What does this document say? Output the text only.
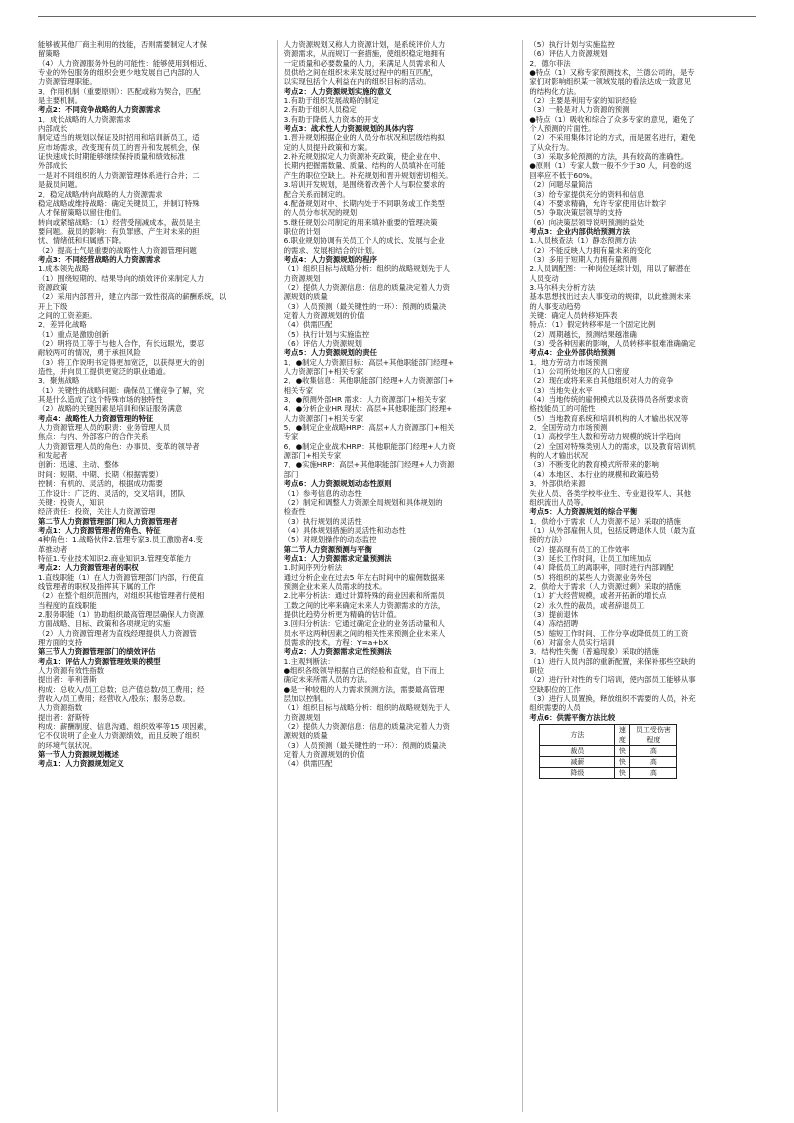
能够被其他厂商主利用的技能，否则需要制定人才保
留策略
（4）人力资源服务外包的可能性：能够使用到相近、
专业的外包服务的组织会更少地发展自己内部的人
力资源管理职能。
3．作用机制（重要原则）：匹配或称为契合，匹配
是主要机制。
考点2：不同竞争战略的人力资源需求
1．成长战略的人力资源需求
内部成长
制定适当的规划以保证及时招用和培训新员工，适
应市场需求，改变现有员工的晋升和发展机会，保
证快速成长时期能够继续保持质量和绩效标准
外部成长
一是对不同组织的人力资源管理体系进行合并；二
是裁员问题。
2．稳定战略/转向战略的人力资源需求
稳定战略或维持战略：确定关键员工，并制订特殊
人才保留策略以留住他们。
转向或紧缩战略：（1）经营受削减成本，裁员是主
要问题。裁员的影响：有负罪感、产生对未来的担
忧、情绪低和归属感下降。
（2）提高士气是重要的战略性人力资源管理问题
考点3：不同经营战略的人力资源需求
1.成本领先战略
（1）围绕短期的、结果导向的绩效评价来制定人力
资源政策
（2）采用内部晋升，建立内部一致性很高的薪酬系统，以
开上下级
之间的工资差距。
2．差异化战略
（1）重点是激励创新
（2）明将员工等于与他人合作，有长远眼光，要忍
耐较两可的情况，勇于承担风险
（3）将工作说明书定得更加宽泛，以获得更大的创
造性，并向员工提供更宽泛的职业通道。
3．聚焦战略
（1）关键性的战略问题：确保员工懂竞争了解，究
其是什么造成了这个特殊市场的独特性
（2）战略的关键因素是培训和保证服务满意
考点4：战略性人力资源管理的特征
人力资源管理人员的职责：业务管理人员
焦点：与内、外部客户的合作关系
人力资源管理人员的角色：办事员、变革的领导者
和发起者
创新：迅速、主动、整体
时间：短期、中期、长期（根据需要）
控制：有机的、灵活的，根据成功需要
工作设计：广泛的、灵活的，交叉培训，团队
关键：投资人，知识
经济责任：投资，关注人力资源管理
第二节人力资源管理部门和人力资源管理者
考点1：人力资源管理者的角色、特征
4种角色：1.战略伙伴2.管理专家3.员工激励者4.变
革推动者
特征1.专业技术知识2.商业知识3.管理变革能力
考点2：人力资源管理者的职权
1.直线职能（1）在人力资源管理部门内部，行使直
线管理者的职权及指挥其下属的工作
（2）在整个组织范围内，对组织其他管理者行使相
当程度的直线职能
2.服务职能（1）协助组织最高管理层确保人力资源
方面战略、目标、政策和各项规定的实施
（2）人力资源管理者为直线经理提供人力资源管
理方面的支持
第三节人力资源管理部门的绩效评估
考点1：评估人力资源管理效果的模型
人力资源有效性指数
提出者：菲利普斯
构成：总收入/员工总数；总产值总数/员工费用；经
营收入/员工费用；经营收入/股东；服务总数。
人力资源指数
提出者：舒斯特
构成：薪酬制度、信息沟通、组织效率等15 项因素，
它不仅说明了企业人力资源绩效，而且反映了组织
的环境气氛状况。
第一节人力资源规划概述
考点1：人力资源规划定义
人力资源规划又称人力资源计划，是系统评价人力
资源需求，从而规订一套措施，使组织稳定地拥有
一定质量和必要数量的人力，来满足人员需求和人
员供给之间在组织未来发展过程中的相互匹配，
以实现包括个人利益在内的组织目标的活动。
考点2：人力资源规划实施的意义
1.有助于组织发展战略的制定
2.有助于组织人员稳定
3.有助于降低人力资本的开支
考点3：战术性人力资源规划的具体内容
1.晋升规划根据企业的人员分布状况和层级结构拟
定的人员提升政策和方案。
2.补充规划拟定人力资源补充政策，使企业在中、
长期内把握需数量、质量、结构的人员填补在可能
产生的职位空缺上。补充规划和晋升规划密切相关。
3.培训开发规划，是围绕着改善个人与职位要求的
配合关系而制定的。
4.配备规划对中、长期内处于不同职务或工作类型
的人员分布状况的规划
5.继任规划公司制定的用来填补重要的管理决策
职位的计划
6.职业规划协调有关员工个人的成长、发展与企业
的需求、发展相结合的计划。
考点4：人力资源规划的程序
（1）组织目标与战略分析：组织的战略规划先于人
力资源规划
（2）提供人力资源信息：信息的质量决定着人力资
源规划的质量
（3）人员预测（最关键性的一环）：预测的质量决
定着人力资源规划的价值
（4）供需匹配
（5）执行计划与实施监控
（6）评估人力资源规划
考点5：人力资源规划的责任
1．●制定人力资源目标：高层+其他职能部门经理+
人力资源部门+相关专家
2．●收集信息：其他职能部门经理+人力资源部门+
相关专家
3．●预测外部HR 需求：人力资源部门+相关专家
4．●分析企业HR 现状：高层+其他职能部门经理+
人力资源部门+相关专家
5．●制定企业战略HRP：高层+人力资源部门+相关
专家
6．●制定企业战术HRP：其他职能部门经理+人力资
源部门+相关专家
7．●实施HRP：高层+其他职能部门经理+人力资源
部门
考点6：人力资源规划动态性原则
（1）参考信息的动态性
（2）制定和调整人力资源全局规划和具体规划的
检查性
（3）执行规划的灵活性
（4）具体规划措施的灵活性和动态性
（5）对规划操作的动态监控
第二节人力资源预测与平衡
考点1：人力资源需求定量预测法
1.时间序列分析法
通过分析企业在过去5 年左右时间中的雇佣数据来
预测企业未来人员需求的技术。
2.比率分析法：通过计算特殊的商业因素和所需员
工数之间的比率来确定未来人力资源需求的方法，
提供比趋势分析更为精确的估计值。
3.回归分析法：它通过确定企业的业务活动量和人
员水平这两种因素之间的相关性来预测企业未来人
员需求的技术。方程：Y=a+bX
考点2：人力资源需求定性预测法
1.主观判断法：
●组织各级领导根据自己的经验和直觉，自下而上
确定未来所需人员的方法。
●是一种较粗的人力需求预测方法，需要最高管理
层加以控制。
（1）组织目标与战略分析：组织的战略规划先于人
力资源规划
（2）提供人力资源信息：信息的质量决定着人力资
源规划的质量
（3）人员预测（最关键性的一环）：预测的质量决
定着人力资源规划的价值
（4）供需匹配
（5）执行计划与实施监控
（6）评估人力资源规划
2．德尔菲法
●特点（1）又称专家预测技术，兰德公司的，是专
家们对影响组织某一领域发展的看法达成一致意见
的结构化方法。
（2）主要是利用专家的知识经验
（3）一般是对人力资源的预测
●特点（1）吸收和综合了众多专家的意见，避免了
个人预测的片面性。
（2）不采用集体讨论的方式，而是匿名进行，避免
了从众行为。
（3）采取多轮预测的方法，具有较高的准确性。
●原则（1）专家人数一般不少于30 人，问卷的返
回率应不低于60%。
（2）问题尽量简洁
（3）给专家提供充分的资料和信息
（4）不要求精确，允许专家使用估计数字
（5）争取决策层领导的支持
（6）向决策层领导说明预测的益处
考点3：企业内部供给预测方法
1.人员核查法（1）静态预测方法
（2）不能反映人力拥有量未来的变化
（3）多用于短期人力拥有量预测
2.人员调配图：一种岗位延续计划，用以了解潜在
人员变动
3.马尔科夫分析方法
基本思想找出过去人事变动的规律，以此推测未来
的人事变动趋势
关键：确定人员转移矩阵表
特点：（1）假定转移率是一个固定比例
（2）周期越长，预测结果越准确
（3）受各种因素的影响，人员转移率很难准确确定
考点4：企业外部供给预测
1．地方劳动力市场预测
（1）公司所处地区的人口密度
（2）现在或将来来自其他组织对人力的竞争
（3）当地失业水平
（4）当地传统的雇佣模式以及获得员各所要求资
格技能员工的可能性
（5）当地教育系统和培训机构的人才输出状况等
2．全国劳动力市场预测
（1）高校学生人数和劳动力规模的统计学趋向
（2）全国对特殊类别人力的需求，以及教育培训机
构的人才输出状况
（3）不断变化的教育模式所带来的影响
（4）本地区、本行业的规模和政策趋势
3．外部供给来源
失业人员、各类学校毕业生、专业退役军人、其他
组织流出人员等。
考点5：人力资源规划的综合平衡
1．供给小于需求（人力资源不足）采取的措施
（1）从外部雇佣人员，包括反聘退休人员（最为直
接的方法）
（2）提高现有员工的工作效率
（3）延长工作时间，让员工加班加点
（4）降低员工的离职率，同时进行内部调配
（5）将组织的某些人力资源业务外包
2．供给大于需求（人力资源过剩）采取的措施
（1）扩大经营规模，或者开拓新的增长点
（2）永久性的裁员，或者辞退员工
（3）提前退休
（4）冻结招聘
（5）缩短工作时间、工作分享或降低员工的工资
（6）对富余人员实行培训
3．结构性失衡（普遍现象）采取的措施
（1）进行人员内部的重新配置，来保补那些空缺的
职位
（2）进行针对性的专门培训，使内部员工能够从事
空缺职位的工作
（3）进行人员置换，释放组织不需要的人员，补充
组织需要的人员
考点6：供需平衡方法比较
方法	速度	员工受伤害程度
裁员	快	高
减薪	快	高
降级	快	高
